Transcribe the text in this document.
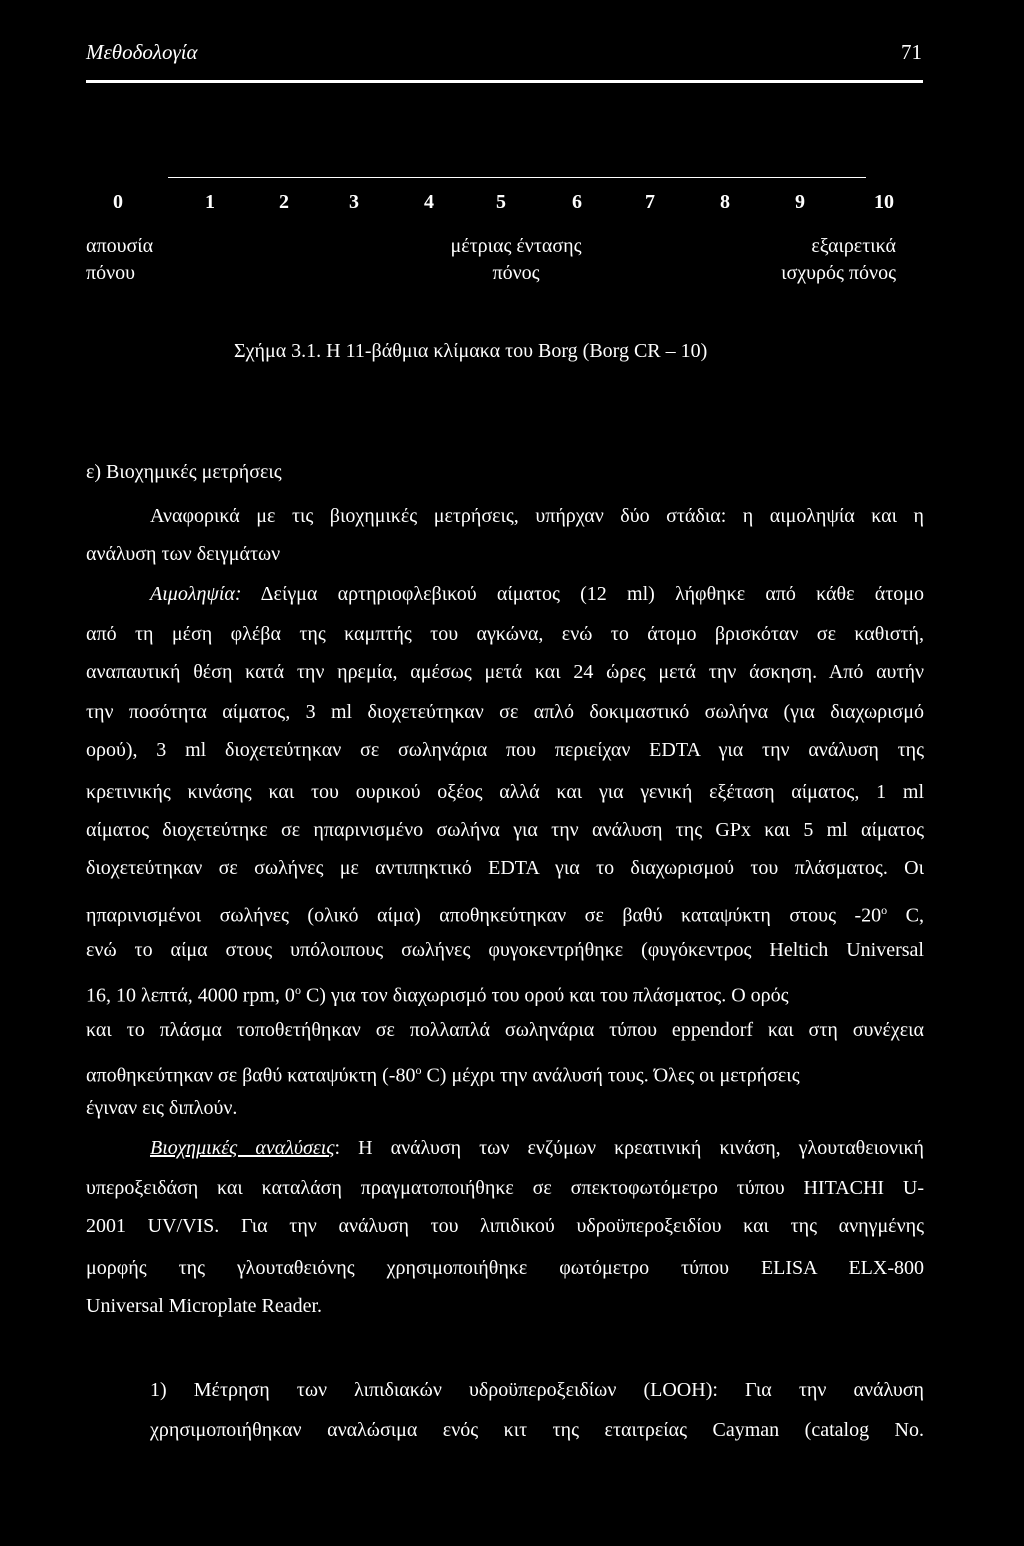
Μεθοδολογία	71
0	1	2	3	4	5	6	7	8	9	10
απουσία
πόνου
μέτριας έντασης
πόνος
εξαιρετικά
ισχυρός πόνος
Σχήμα 3.1. Η 11-βάθμια κλίμακα του Borg (Borg CR – 10)
ε) Βιοχημικές μετρήσεις
Αναφορικά με τις βιοχημικές μετρήσεις, υπήρχαν δύο στάδια: η αιμοληψία και η
ανάλυση των δειγμάτων
Αιμοληψία: Δείγμα αρτηριοφλεβικού αίματος (12 ml) λήφθηκε από κάθε άτομο
από τη μέση φλέβα της καμπτής του αγκώνα, ενώ το άτομο βρισκόταν σε καθιστή,
αναπαυτική θέση κατά την ηρεμία, αμέσως μετά και 24 ώρες μετά την άσκηση. Από αυτήν
την ποσότητα αίματος, 3 ml διοχετεύτηκαν σε απλό δοκιμαστικό σωλήνα (για διαχωρισμό
ορού), 3 ml διοχετεύτηκαν σε σωληνάρια που περιείχαν EDTA για την ανάλυση της
κρετινικής κινάσης και του ουρικού οξέος αλλά και για γενική εξέταση αίματος, 1 ml
αίματος διοχετεύτηκε σε ηπαρινισμένο σωλήνα για την ανάλυση της GPx και 5 ml αίματος
διοχετεύτηκαν σε σωλήνες με αντιπηκτικό EDTA για το διαχωρισμού του πλάσματος. Οι
ηπαρινισμένοι σωλήνες (ολικό αίμα) αποθηκεύτηκαν σε βαθύ καταψύκτη στους -20$^o$ C,
ενώ το αίμα στους υπόλοιπους σωλήνες φυγοκεντρήθηκε (φυγόκεντρος Heltich Universal
16, 10 λεπτά, 4000 rpm, 0$^o$ C) για τον διαχωρισμό του ορού και του πλάσματος. Ο ορός
και το πλάσμα τοποθετήθηκαν σε πολλαπλά σωληνάρια τύπου eppendorf και στη συνέχεια
αποθηκεύτηκαν σε βαθύ καταψύκτη (-80$^o$ C) μέχρι την ανάλυσή τους. Όλες οι μετρήσεις
έγιναν εις διπλούν.
Βιοχημικές αναλύσεις: Η ανάλυση των ενζύμων κρεατινική κινάση, γλουταθειονική
υπεροξειδάση και καταλάση πραγματοποιήθηκε σε σπεκτοφωτόμετρο τύπου HITACHI U-
2001 UV/VIS. Για την ανάλυση του λιπιδικού υδροϋπεροξειδίου και της ανηγμένης
μορφής της γλουταθειόνης χρησιμοποιήθηκε φωτόμετρο τύπου ELISA ELX-800
Universal Microplate Reader.
1) Μέτρηση των λιπιδιακών υδροϋπεροξειδίων (LOOH): Για την ανάλυση
χρησιμοποιήθηκαν αναλώσιμα ενός κιτ της εταιτρείας Cayman (catalog No.
